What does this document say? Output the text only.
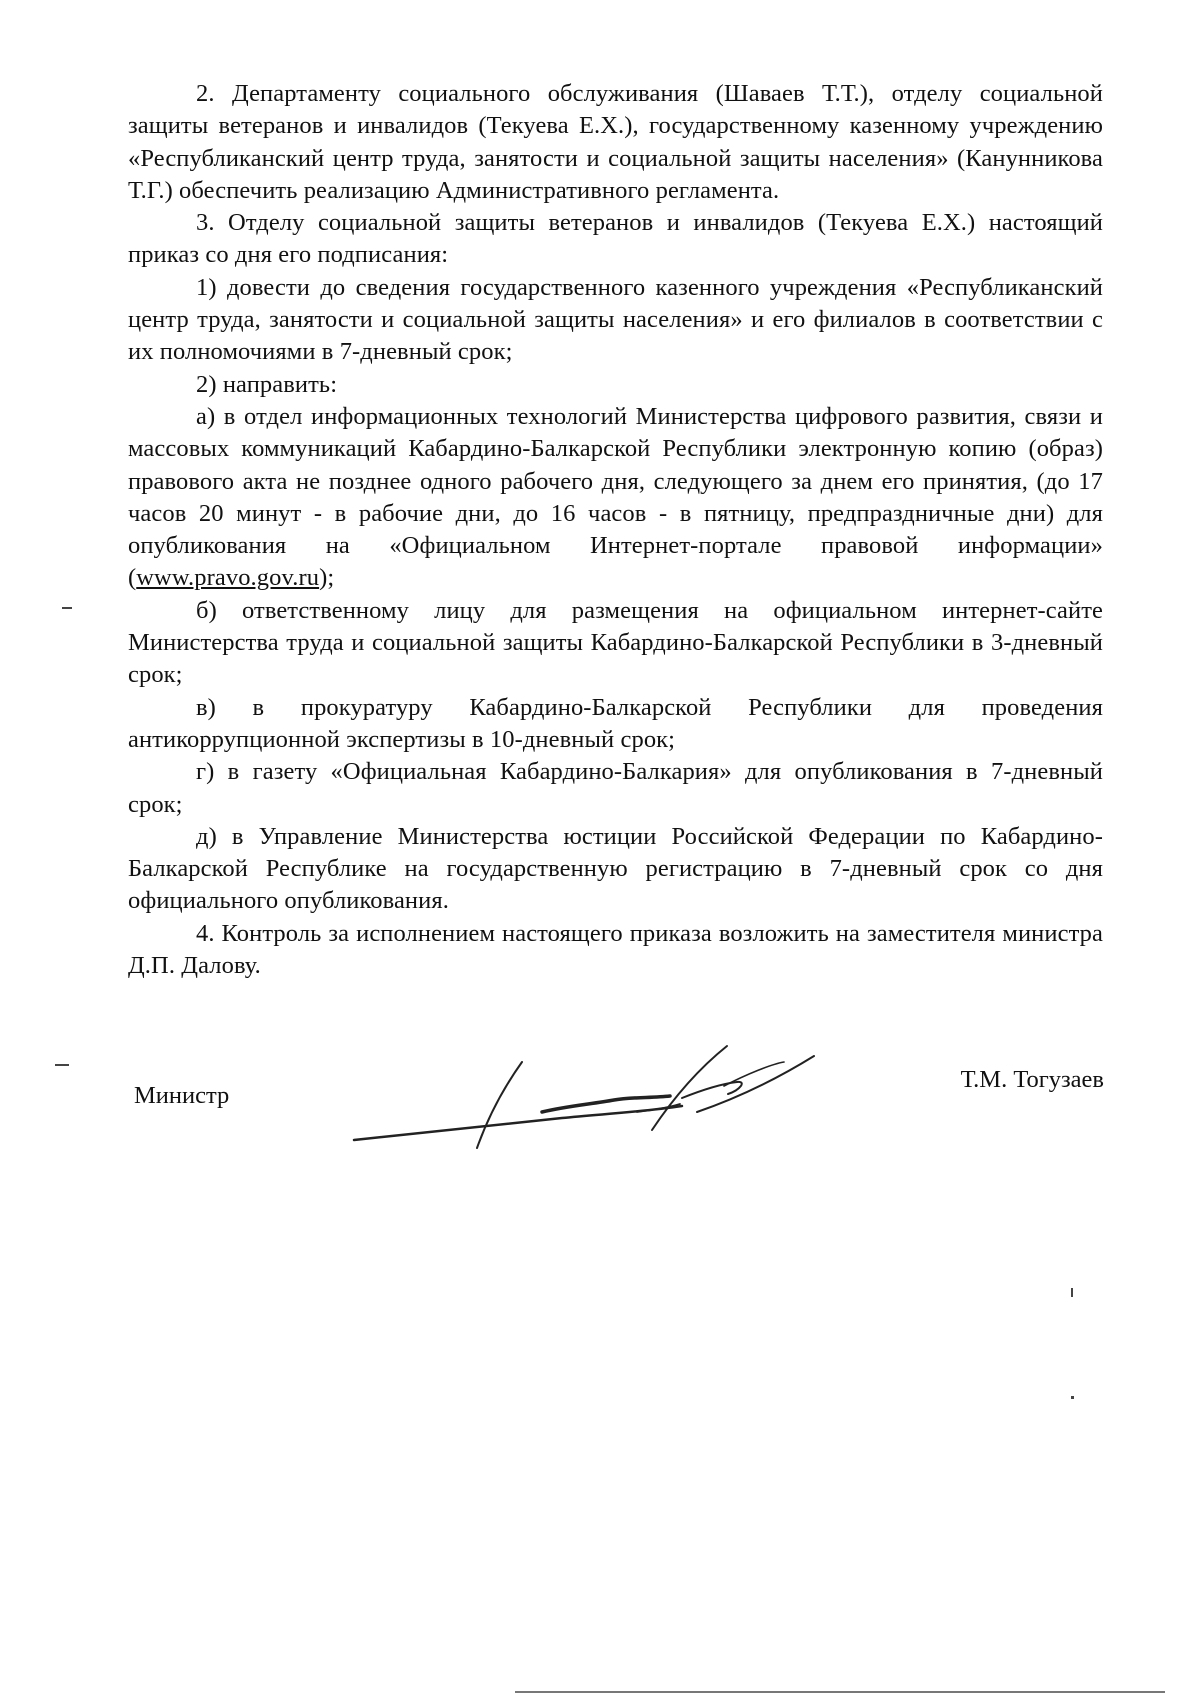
2. Департаменту социального обслуживания (Шаваев Т.Т.), отделу социальной защиты ветеранов и инвалидов (Текуева Е.Х.), государственному казенному учреждению «Республиканский центр труда, занятости и социальной защиты населения» (Канунникова Т.Г.) обеспечить реализацию Административного регламента.

3. Отделу социальной защиты ветеранов и инвалидов (Текуева Е.Х.) настоящий приказ со дня его подписания:

1) довести до сведения государственного казенного учреждения «Республиканский центр труда, занятости и социальной защиты населения» и его филиалов в соответствии с их полномочиями в 7-дневный срок;

2) направить:

а) в отдел информационных технологий Министерства цифрового развития, связи и массовых коммуникаций Кабардино-Балкарской Республики электронную копию (образ) правового акта не позднее одного рабочего дня, следующего за днем его принятия, (до 17 часов 20 минут - в рабочие дни, до 16 часов - в пятницу, предпраздничные дни) для опубликования на «Официальном Интернет-портале правовой информации» (www.pravo.gov.ru);

б) ответственному лицу для размещения на официальном интернет-сайте Министерства труда и социальной защиты Кабардино-Балкарской Республики в 3-дневный срок;

в) в прокуратуру Кабардино-Балкарской Республики для проведения антикоррупционной экспертизы в 10-дневный срок;

г) в газету «Официальная Кабардино-Балкария» для опубликования в 7-дневный срок;

д) в Управление Министерства юстиции Российской Федерации по Кабардино-Балкарской Республике на государственную регистрацию в 7-дневный срок со дня официального опубликования.

4. Контроль за исполнением настоящего приказа возложить на заместителя министра Д.П. Далову.

Министр
Т.М. Тогузаев
